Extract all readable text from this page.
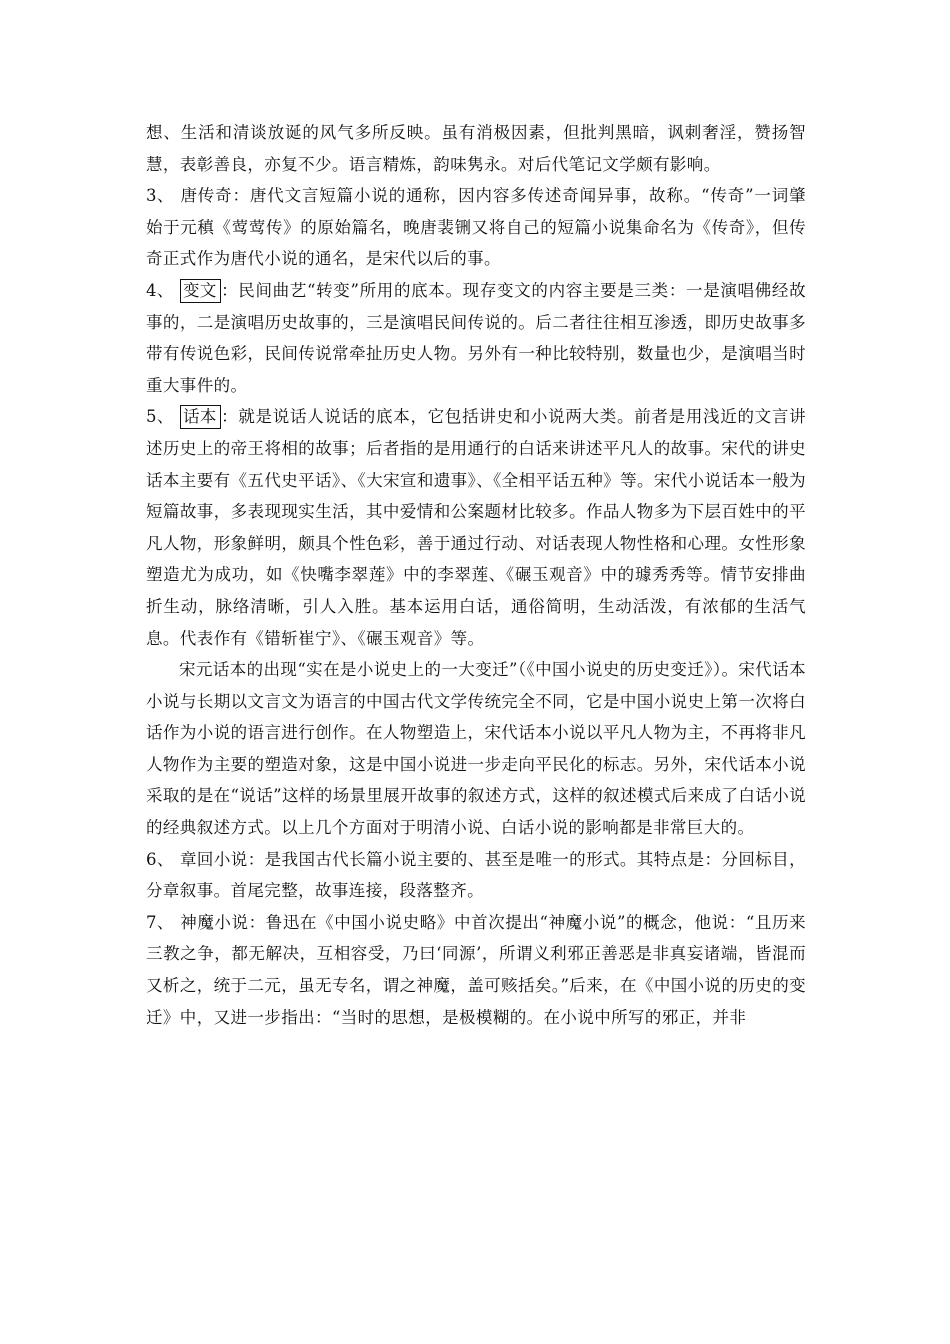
想、生活和清谈放诞的风气多所反映。虽有消极因素，但批判黑暗，讽刺奢淫，赞扬智慧，表彰善良，亦复不少。语言精炼，韵味隽永。对后代笔记文学颇有影响。

3、 唐传奇：唐代文言短篇小说的通称，因内容多传述奇闻异事，故称。“传奇”一词肇始于元稹《莺莺传》的原始篇名，晚唐裴铏又将自己的短篇小说集命名为《传奇》，但传奇正式作为唐代小说的通名，是宋代以后的事。

4、 变文 ：民间曲艺“转变”所用的底本。现存变文的内容主要是三类：一是演唱佛经故事的，二是演唱历史故事的，三是演唱民间传说的。后二者往往相互渗透，即历史故事多带有传说色彩，民间传说常牵扯历史人物。另外有一种比较特别，数量也少，是演唱当时重大事件的。

5、 话本 ：就是说话人说话的底本，它包括讲史和小说两大类。前者是用浅近的文言讲述历史上的帝王将相的故事；后者指的是用通行的白话来讲述平凡人的故事。宋代的讲史话本主要有《五代史平话》、《大宋宣和遗事》、《全相平话五种》等。宋代小说话本一般为短篇故事，多表现现实生活，其中爱情和公案题材比较多。作品人物多为下层百姓中的平凡人物，形象鲜明，颇具个性色彩，善于通过行动、对话表现人物性格和心理。女性形象塑造尤为成功，如《快嘴李翠莲》中的李翠莲、《碾玉观音》中的璩秀秀等。情节安排曲折生动，脉络清晰，引人入胜。基本运用白话，通俗简明，生动活泼，有浓郁的生活气息。代表作有《错斩崔宁》、《碾玉观音》等。

宋元话本的出现“实在是小说史上的一大变迁”（《中国小说史的历史变迁》）。宋代话本小说与长期以文言文为语言的中国古代文学传统完全不同，它是中国小说史上第一次将白话作为小说的语言进行创作。在人物塑造上，宋代话本小说以平凡人物为主，不再将非凡人物作为主要的塑造对象，这是中国小说进一步走向平民化的标志。另外，宋代话本小说采取的是在“说话”这样的场景里展开故事的叙述方式，这样的叙述模式后来成了白话小说的经典叙述方式。以上几个方面对于明清小说、白话小说的影响都是非常巨大的。

6、 章回小说：是我国古代长篇小说主要的、甚至是唯一的形式。其特点是：分回标目，分章叙事。首尾完整，故事连接，段落整齐。

7、 神魔小说：鲁迅在《中国小说史略》中首次提出“神魔小说”的概念，他说：“且历来三教之争，都无解决，互相容受，乃曰‘同源’，所谓义利邪正善恶是非真妄诸端，皆混而又析之，统于二元，虽无专名，谓之神魔，盖可赅括矣。”后来，在《中国小说的历史的变迁》中，又进一步指出：“当时的思想，是极模糊的。在小说中所写的邪正，并非
